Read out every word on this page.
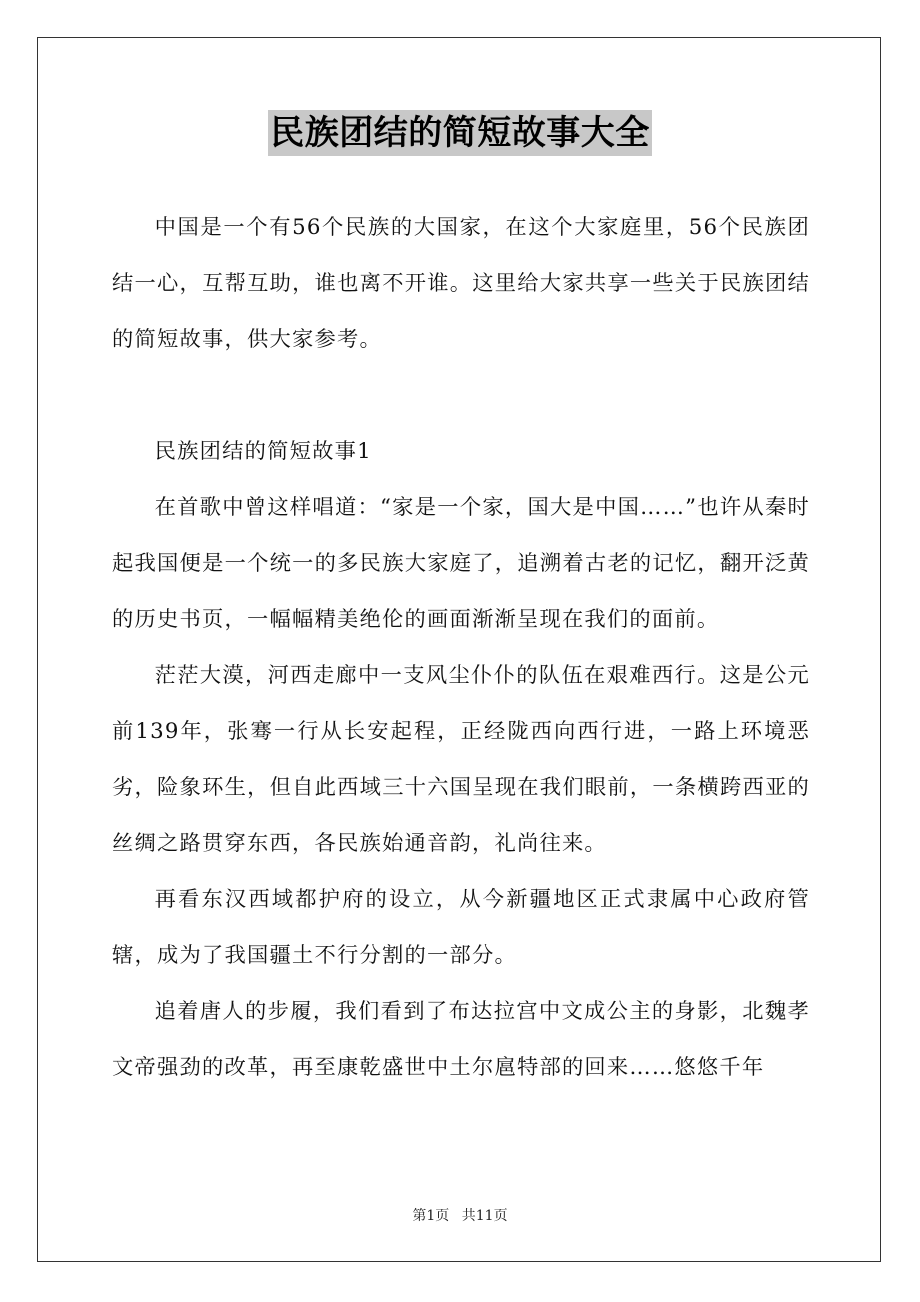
民族团结的简短故事大全

中国是一个有56个民族的大国家，在这个大家庭里，56个民族团结一心，互帮互助，谁也离不开谁。这里给大家共享一些关于民族团结的简短故事，供大家参考。

民族团结的简短故事1

在首歌中曾这样唱道：“家是一个家，国大是中国……”也许从秦时起我国便是一个统一的多民族大家庭了，追溯着古老的记忆，翻开泛黄的历史书页，一幅幅精美绝伦的画面渐渐呈现在我们的面前。

茫茫大漠，河西走廊中一支风尘仆仆的队伍在艰难西行。这是公元前139年，张骞一行从长安起程，正经陇西向西行进，一路上环境恶劣，险象环生，但自此西域三十六国呈现在我们眼前，一条横跨西亚的丝绸之路贯穿东西，各民族始通音韵，礼尚往来。

再看东汉西域都护府的设立，从今新疆地区正式隶属中心政府管辖，成为了我国疆土不行分割的一部分。

追着唐人的步履，我们看到了布达拉宫中文成公主的身影，北魏孝文帝强劲的改革，再至康乾盛世中土尔扈特部的回来……悠悠千年

第1页 共11页
